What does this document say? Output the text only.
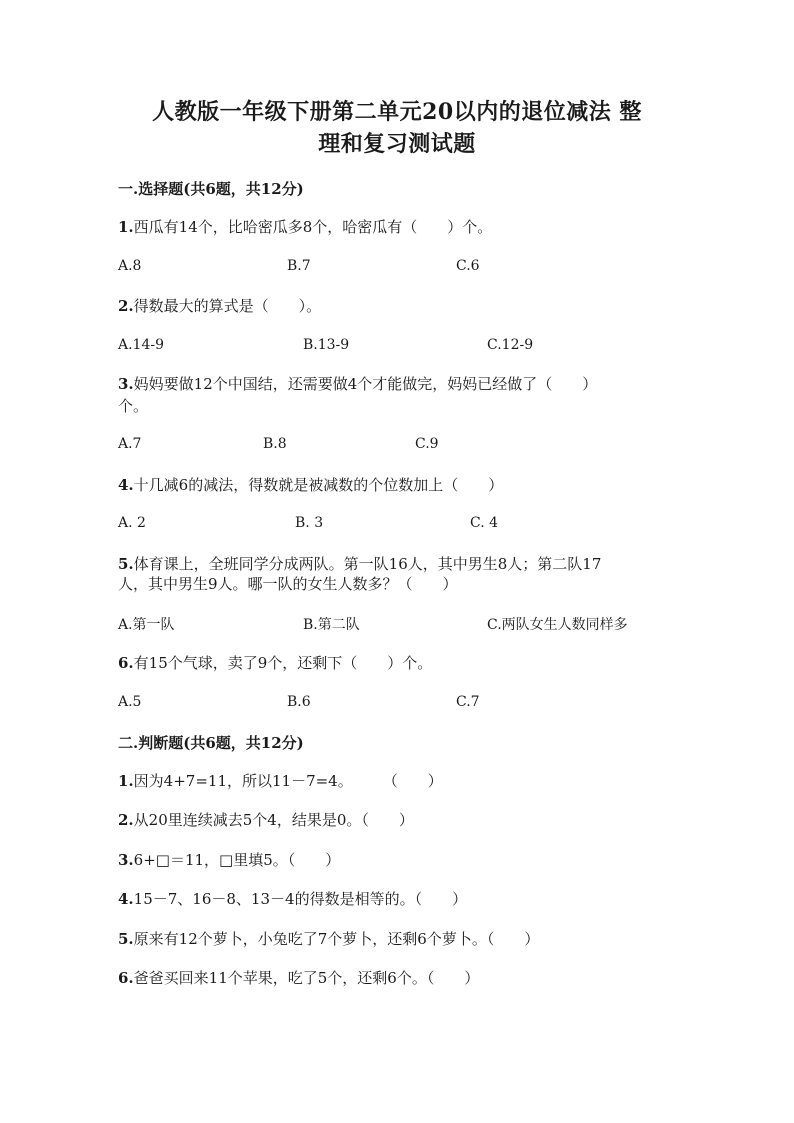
人教版一年级下册第二单元20以内的退位减法 整
理和复习测试题
一.选择题(共6题，共12分)
1.西瓜有14个，比哈密瓜多8个，哈密瓜有（　　）个。
A.8	B.7	C.6
2.得数最大的算式是（　　）。
A.14-9	B.13-9	C.12-9
3.妈妈要做12个中国结，还需要做4个才能做完，妈妈已经做了（　　）
个。
A.7	B.8	C.9
4.十几减6的减法，得数就是被减数的个位数加上（　　）
A. 2	B. 3	C. 4
5.体育课上，全班同学分成两队。第一队16人，其中男生8人；第二队17
人，其中男生9人。哪一队的女生人数多？（　　）
A.第一队	B.第二队	C.两队女生人数同样多
6.有15个气球，卖了9个，还剩下（　　）个。
A.5	B.6	C.7
二.判断题(共6题，共12分)
1.因为4+7=11，所以11－7=4。　　　（　　）
2.从20里连续减去5个4，结果是0。（　　）
3.6+□＝11，□里填5。（　　）
4.15－7、16－8、13－4的得数是相等的。（　　）
5.原来有12个萝卜，小兔吃了7个萝卜，还剩6个萝卜。（　　）
6.爸爸买回来11个苹果，吃了5个，还剩6个。（　　）
